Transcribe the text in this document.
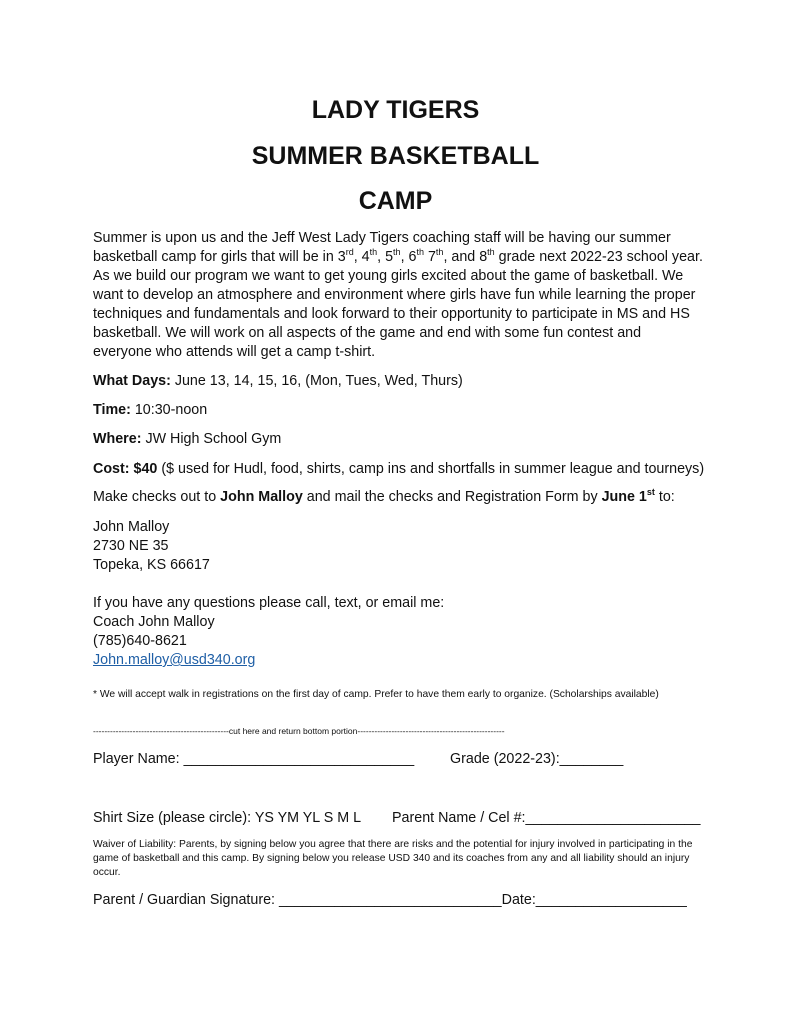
LADY TIGERS
SUMMER BASKETBALL
CAMP
Summer is upon us and the Jeff West Lady Tigers coaching staff will be having our summer basketball camp for girls that will be in 3rd, 4th, 5th, 6th 7th, and 8th grade next 2022-23 school year. As we build our program we want to get young girls excited about the game of basketball. We want to develop an atmosphere and environment where girls have fun while learning the proper techniques and fundamentals and look forward to their opportunity to participate in MS and HS basketball. We will work on all aspects of the game and end with some fun contest and everyone who attends will get a camp t-shirt.
What Days: June 13, 14, 15, 16, (Mon, Tues, Wed, Thurs)
Time: 10:30-noon
Where: JW High School Gym
Cost: $40 ($ used for Hudl, food, shirts, camp ins and shortfalls in summer league and tourneys)
Make checks out to John Malloy and mail the checks and Registration Form by June 1st to:
John Malloy
2730 NE 35
Topeka, KS 66617
If you have any questions please call, text, or email me:
Coach John Malloy
(785)640-8621
John.malloy@usd340.org
* We will accept walk in registrations on the first day of camp. Prefer to have them early to organize. (Scholarships available)
------------------------------------------------cut here and return bottom portion----------------------------------------------------
Player Name: _____________________________	Grade (2022-23):________
Shirt Size (please circle): YS YM YL S M L Parent Name / Cel #:______________________
Waiver of Liability: Parents, by signing below you agree that there are risks and the potential for injury involved in participating in the game of basketball and this camp. By signing below you release USD 340 and its coaches from any and all liability should an injury occur.
Parent / Guardian Signature: ____________________________Date:___________________
